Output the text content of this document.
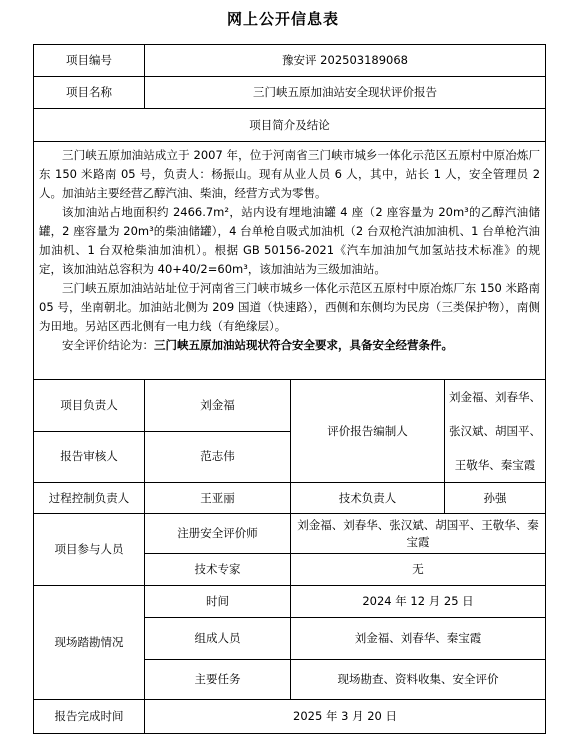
网上公开信息表
项目编号	豫安评 202503189068		
项目名称	三门峡五原加油站安全现状评价报告		
项目简介及结论			

三门峡五原加油站成立于 2007 年，位于河南省三门峡市城乡一体化示范区五原村中原冶炼厂东 150 米路南 05 号，负责人：杨振山。现有从业人员 6 人，其中，站长 1 人，安全管理员 2 人。加油站主要经营乙醇汽油、柴油，经营方式为零售。

该加油站占地面积约 2466.7m²，站内设有埋地油罐 4 座（2 座容量为 20m³的乙醇汽油储罐，2 座容量为 20m³的柴油储罐），4 台单枪自吸式加油机（2 台双枪汽油加油机、1 台单枪汽油加油机、1 台双枪柴油加油机）。根据 GB 50156-2021《汽车加油加气加氢站技术标准》的规定，该加油站总容积为 40+40/2=60m³，该加油站为三级加油站。

三门峡五原加油站站址位于河南省三门峡市城乡一体化示范区五原村中原冶炼厂东 150 米路南 05 号，坐南朝北。加油站北侧为 209 国道（快速路），西侧和东侧均为民房（三类保护物），南侧为田地。另站区西北侧有一电力线（有绝缘层）。

安全评价结论为：三门峡五原加油站现状符合安全要求，具备安全经营条件。			

项目负责人	刘金福	评价报告编制人	刘金福、刘春华、张汉斌、胡国平、王敬华、秦宝霞
报告审核人	范志伟		
过程控制负责人	王亚丽	技术负责人	孙强
项目参与人员	注册安全评价师	刘金福、刘春华、张汉斌、胡国平、王敬华、秦宝霞	
	技术专家	无	
现场踏勘情况	时间	2024 年 12 月 25 日	
	组成人员	刘金福、刘春华、秦宝霞	
	主要任务	现场勘查、资料收集、安全评价	
报告完成时间	2025 年 3 月 20 日		
